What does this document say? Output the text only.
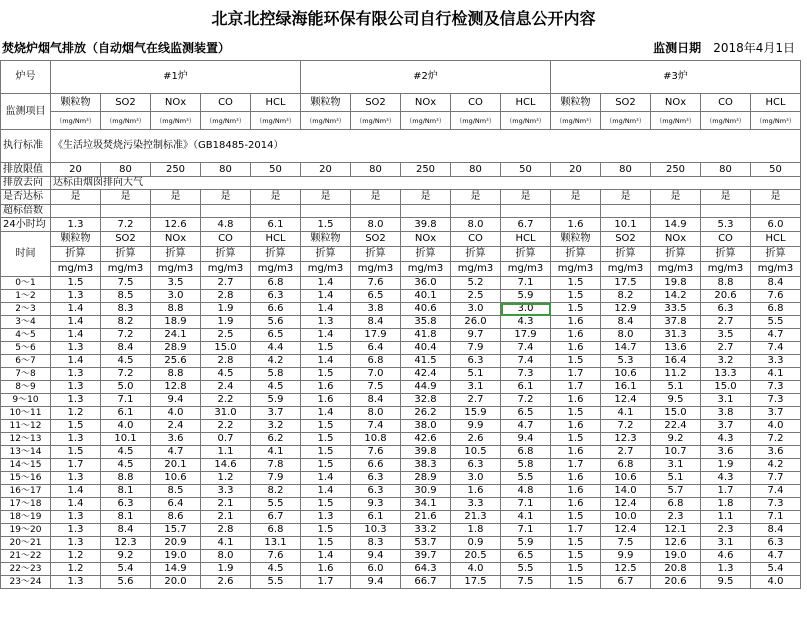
北京北控绿海能环保有限公司自行检测及信息公开内容
焚烧炉烟气排放（自动烟气在线监测装置）	监测日期 2018年4月1日
炉号	#1炉					#2炉					#3炉				
监测项目	颗粒物	SO2	NOx	CO	HCL	颗粒物	SO2	NOx	CO	HCL	颗粒物	SO2	NOx	CO	HCL
	（mg/Nm³）	（mg/Nm³）	（mg/Nm³）	（mg/Nm³）	（mg/Nm³）	（mg/Nm³）	（mg/Nm³）	（mg/Nm³）	（mg/Nm³）	（mg/Nm³）	（mg/Nm³）	（mg/Nm³）	（mg/Nm³）	（mg/Nm³）	（mg/Nm³）
执行标准	《生活垃圾焚烧污染控制标准》（GB18485-2014）														
排放限值	20	80	250	80	50	20	80	250	80	50	20	80	250	80	50
排放去向	达标由烟囱排向大气														
是否达标	是	是	是	是	是	是	是	是	是	是	是	是	是	是	是
超标倍数															
24小时均	1.3	7.2	12.6	4.8	6.1	1.5	8.0	39.8	8.0	6.7	1.6	10.1	14.9	5.3	6.0
时间	颗粒物	SO2	NOx	CO	HCL	颗粒物	SO2	NOx	CO	HCL	颗粒物	SO2	NOx	CO	HCL
	折算	折算	折算	折算	折算	折算	折算	折算	折算	折算	折算	折算	折算	折算	折算
	mg/m3	mg/m3	mg/m3	mg/m3	mg/m3	mg/m3	mg/m3	mg/m3	mg/m3	mg/m3	mg/m3	mg/m3	mg/m3	mg/m3	mg/m3
0～1	1.5	7.5	3.5	2.7	6.8	1.4	7.6	36.0	5.2	7.1	1.5	17.5	19.8	8.8	8.4
1～2	1.3	8.5	3.0	2.8	6.3	1.4	6.5	40.1	2.5	5.9	1.5	8.2	14.2	20.6	7.6
2～3	1.4	8.3	8.8	1.9	6.6	1.4	3.8	40.6	3.0	3.0	1.5	12.9	33.5	6.3	6.8
3～4	1.4	8.2	18.9	1.9	5.6	1.3	8.4	35.8	26.0	4.3	1.6	8.4	37.8	2.7	5.5
4～5	1.4	7.2	24.1	2.5	6.5	1.4	17.9	41.8	9.7	17.9	1.6	8.0	31.3	3.5	4.7
5～6	1.3	8.4	28.9	15.0	4.4	1.5	6.4	40.4	7.9	7.4	1.6	14.7	13.6	2.7	7.4
6～7	1.4	4.5	25.6	2.8	4.2	1.4	6.8	41.5	6.3	7.4	1.5	5.3	16.4	3.2	3.3
7～8	1.3	7.2	8.8	4.5	5.8	1.5	7.0	42.4	5.1	7.3	1.7	10.6	11.2	13.3	4.1
8～9	1.3	5.0	12.8	2.4	4.5	1.6	7.5	44.9	3.1	6.1	1.7	16.1	5.1	15.0	7.3
9～10	1.3	7.1	9.4	2.2	5.9	1.6	8.4	32.8	2.7	7.2	1.6	12.4	9.5	3.1	7.3
10～11	1.2	6.1	4.0	31.0	3.7	1.4	8.0	26.2	15.9	6.5	1.5	4.1	15.0	3.8	3.7
11～12	1.5	4.0	2.4	2.2	3.2	1.5	7.4	38.0	9.9	4.7	1.6	7.2	22.4	3.7	4.0
12～13	1.3	10.1	3.6	0.7	6.2	1.5	10.8	42.6	2.6	9.4	1.5	12.3	9.2	4.3	7.2
13～14	1.5	4.5	4.7	1.1	4.1	1.5	7.6	39.8	10.5	6.8	1.6	2.7	10.7	3.6	3.6
14～15	1.7	4.5	20.1	14.6	7.8	1.5	6.6	38.3	6.3	5.8	1.7	6.8	3.1	1.9	4.2
15～16	1.3	8.8	10.6	1.2	7.9	1.4	6.3	28.9	3.0	5.5	1.6	10.6	5.1	4.3	7.7
16～17	1.4	8.1	8.5	3.3	8.2	1.4	6.3	30.9	1.6	4.8	1.6	14.0	5.7	1.7	7.4
17～18	1.4	6.3	6.4	2.1	5.5	1.5	9.3	34.1	3.3	7.1	1.6	12.4	6.8	1.8	7.3
18～19	1.3	8.1	8.6	2.1	6.7	1.3	6.1	21.6	21.3	4.1	1.5	10.0	2.3	1.1	7.1
19～20	1.3	8.4	15.7	2.8	6.8	1.5	10.3	33.2	1.8	7.1	1.7	12.4	12.1	2.3	8.4
20～21	1.3	12.3	20.9	4.1	13.1	1.5	8.3	53.7	0.9	5.9	1.5	7.5	12.6	3.1	6.3
21～22	1.2	9.2	19.0	8.0	7.6	1.4	9.4	39.7	20.5	6.5	1.5	9.9	19.0	4.6	4.7
22～23	1.2	5.4	14.9	1.9	4.5	1.6	6.0	64.3	4.0	5.5	1.5	12.5	20.8	1.3	5.4
23～24	1.3	5.6	20.0	2.6	5.5	1.7	9.4	66.7	17.5	7.5	1.5	6.7	20.6	9.5	4.0
